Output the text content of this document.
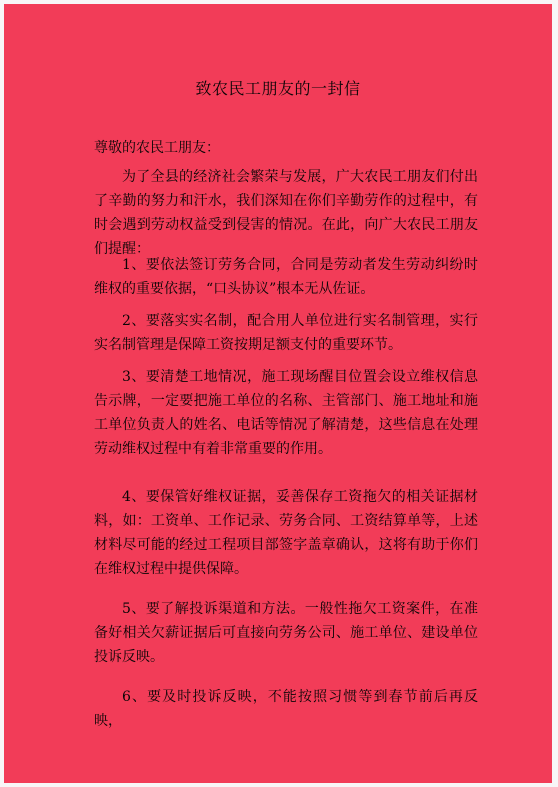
致农民工朋友的一封信
尊敬的农民工朋友：
为了全县的经济社会繁荣与发展，广大农民工朋友们付出了辛勤的努力和汗水，我们深知在你们辛勤劳作的过程中，有时会遇到劳动权益受到侵害的情况。在此，向广大农民工朋友们提醒：
1、要依法签订劳务合同，合同是劳动者发生劳动纠纷时维权的重要依据，“口头协议”根本无从佐证。
2、要落实实名制，配合用人单位进行实名制管理，实行实名制管理是保障工资按期足额支付的重要环节。
3、要清楚工地情况，施工现场醒目位置会设立维权信息告示牌，一定要把施工单位的名称、主管部门、施工地址和施工单位负责人的姓名、电话等情况了解清楚，这些信息在处理劳动维权过程中有着非常重要的作用。
4、要保管好维权证据，妥善保存工资拖欠的相关证据材料，如：工资单、工作记录、劳务合同、工资结算单等，上述材料尽可能的经过工程项目部签字盖章确认，这将有助于你们在维权过程中提供保障。
5、要了解投诉渠道和方法。一般性拖欠工资案件，在准备好相关欠薪证据后可直接向劳务公司、施工单位、建设单位投诉反映。
6、要及时投诉反映，不能按照习惯等到春节前后再反映，
